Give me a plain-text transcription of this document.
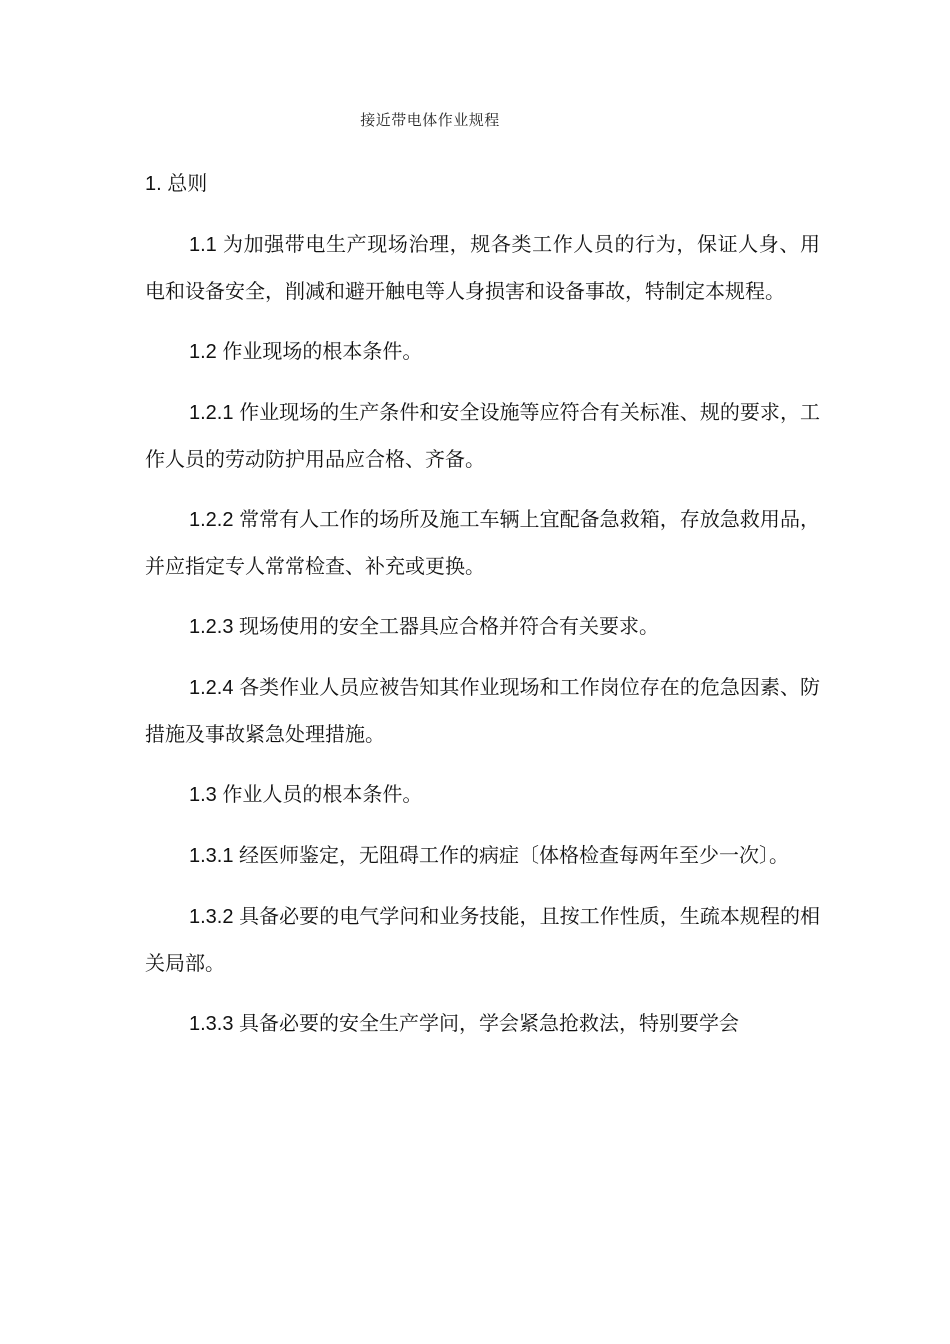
接近带电体作业规程

1. 总则

1.1 为加强带电生产现场治理，规各类工作人员的行为，保证人身、用电和设备安全，削减和避开触电等人身损害和设备事故，特制定本规程。

1.2 作业现场的根本条件。

1.2.1 作业现场的生产条件和安全设施等应符合有关标准、规的要求，工作人员的劳动防护用品应合格、齐备。

1.2.2 常常有人工作的场所及施工车辆上宜配备急救箱，存放急救用品，并应指定专人常常检查、补充或更换。

1.2.3 现场使用的安全工器具应合格并符合有关要求。

1.2.4 各类作业人员应被告知其作业现场和工作岗位存在的危急因素、防措施及事故紧急处理措施。

1.3 作业人员的根本条件。

1.3.1 经医师鉴定，无阻碍工作的病症〔体格检查每两年至少一次〕。

1.3.2 具备必要的电气学问和业务技能，且按工作性质，生疏本规程的相关局部。

1.3.3 具备必要的安全生产学问，学会紧急抢救法，特别要学会
